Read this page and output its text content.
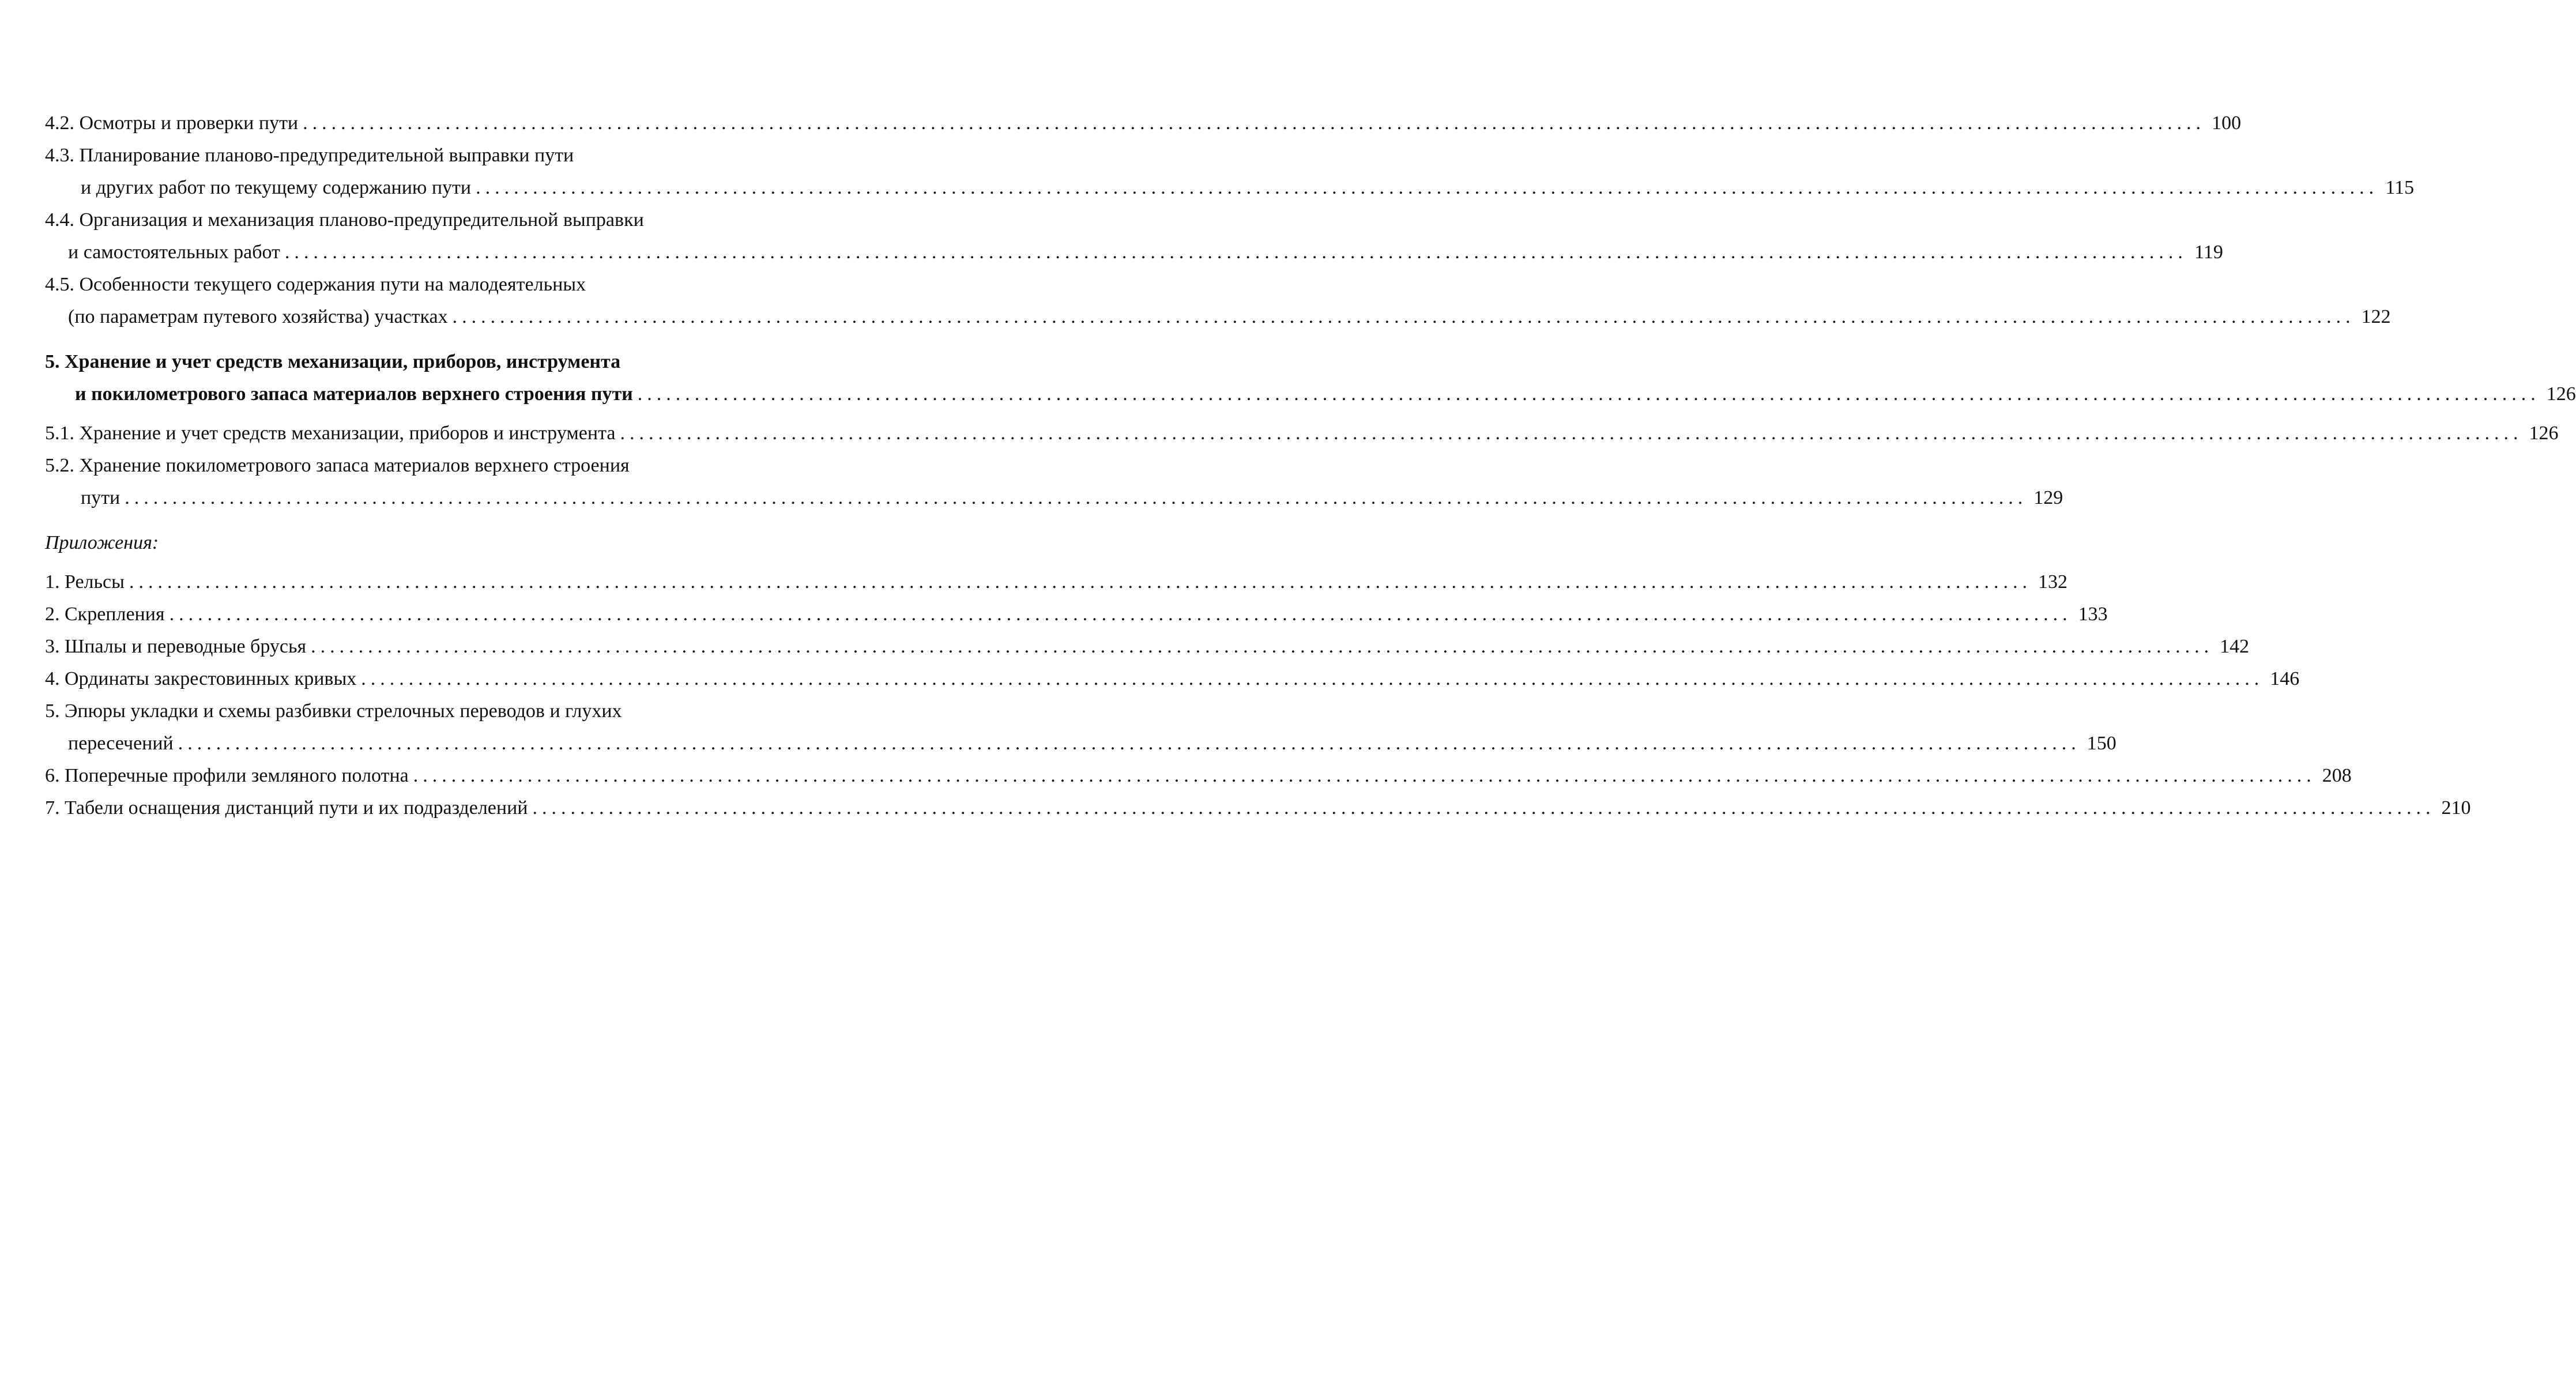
4.2. Осмотры и проверки пути ........................................................................................................................................................................................................ 100
4.3. Планирование планово-предупредительной выправки пути
и других работ по текущему содержанию пути ........................................................................................................................................................................................................ 115
4.4. Организация и механизация планово-предупредительной выправки
и самостоятельных работ ........................................................................................................................................................................................................ 119
4.5. Особенности текущего содержания пути на малодеятельных
(по параметрам путевого хозяйства) участках ........................................................................................................................................................................................................ 122
5. Хранение и учет средств механизации, приборов, инструмента
и покилометрового запаса материалов верхнего строения пути ........................................................................................................................................................................................................ 126
5.1. Хранение и учет средств механизации, приборов и инструмента ........................................................................................................................................................................................................ 126
5.2. Хранение покилометрового запаса материалов верхнего строения
пути ........................................................................................................................................................................................................ 129
Приложения:
1. Рельсы ........................................................................................................................................................................................................ 132
2. Скрепления ........................................................................................................................................................................................................ 133
3. Шпалы и переводные брусья ........................................................................................................................................................................................................ 142
4. Ординаты закрестовинных кривых ........................................................................................................................................................................................................ 146
5. Эпюры укладки и схемы разбивки стрелочных переводов и глухих
пересечений ........................................................................................................................................................................................................ 150
6. Поперечные профили земляного полотна ........................................................................................................................................................................................................ 208
7. Табели оснащения дистанций пути и их подразделений ........................................................................................................................................................................................................ 210
